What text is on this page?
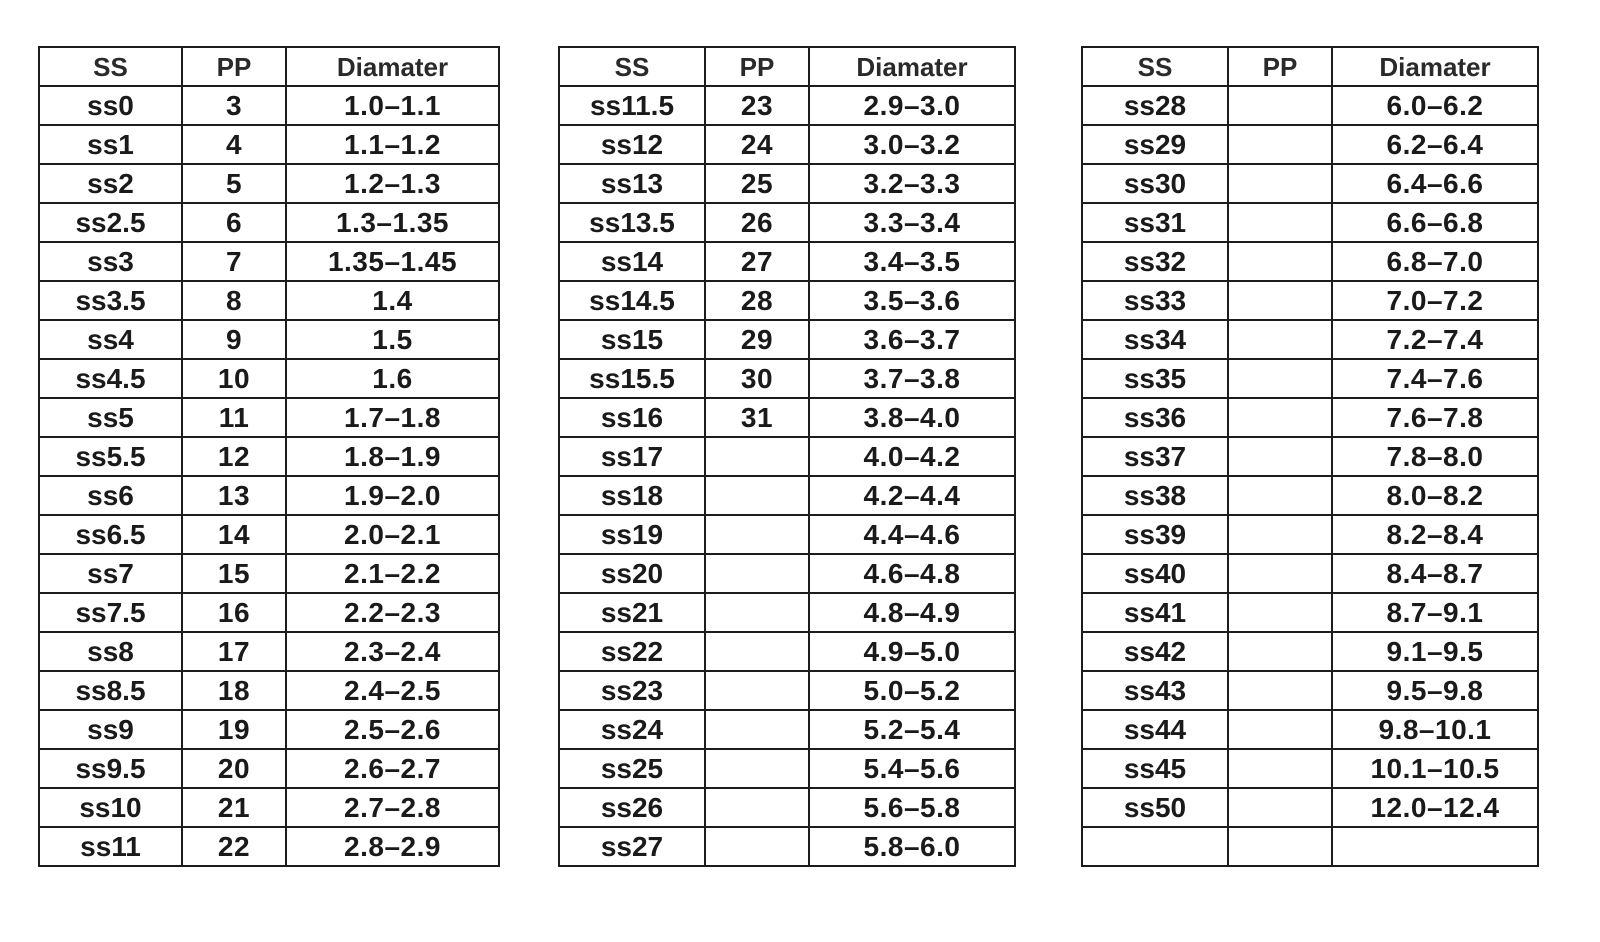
SS	PP	Diamater
ss0	3	1.0–1.1
ss1	4	1.1–1.2
ss2	5	1.2–1.3
ss2.5	6	1.3–1.35
ss3	7	1.35–1.45
ss3.5	8	1.4
ss4	9	1.5
ss4.5	10	1.6
ss5	11	1.7–1.8
ss5.5	12	1.8–1.9
ss6	13	1.9–2.0
ss6.5	14	2.0–2.1
ss7	15	2.1–2.2
ss7.5	16	2.2–2.3
ss8	17	2.3–2.4
ss8.5	18	2.4–2.5
ss9	19	2.5–2.6
ss9.5	20	2.6–2.7
ss10	21	2.7–2.8
ss11	22	2.8–2.9
SS	PP	Diamater
ss11.5	23	2.9–3.0
ss12	24	3.0–3.2
ss13	25	3.2–3.3
ss13.5	26	3.3–3.4
ss14	27	3.4–3.5
ss14.5	28	3.5–3.6
ss15	29	3.6–3.7
ss15.5	30	3.7–3.8
ss16	31	3.8–4.0
ss17		4.0–4.2
ss18		4.2–4.4
ss19		4.4–4.6
ss20		4.6–4.8
ss21		4.8–4.9
ss22		4.9–5.0
ss23		5.0–5.2
ss24		5.2–5.4
ss25		5.4–5.6
ss26		5.6–5.8
ss27		5.8–6.0
SS	PP	Diamater
ss28		6.0–6.2
ss29		6.2–6.4
ss30		6.4–6.6
ss31		6.6–6.8
ss32		6.8–7.0
ss33		7.0–7.2
ss34		7.2–7.4
ss35		7.4–7.6
ss36		7.6–7.8
ss37		7.8–8.0
ss38		8.0–8.2
ss39		8.2–8.4
ss40		8.4–8.7
ss41		8.7–9.1
ss42		9.1–9.5
ss43		9.5–9.8
ss44		9.8–10.1
ss45		10.1–10.5
ss50		12.0–12.4
